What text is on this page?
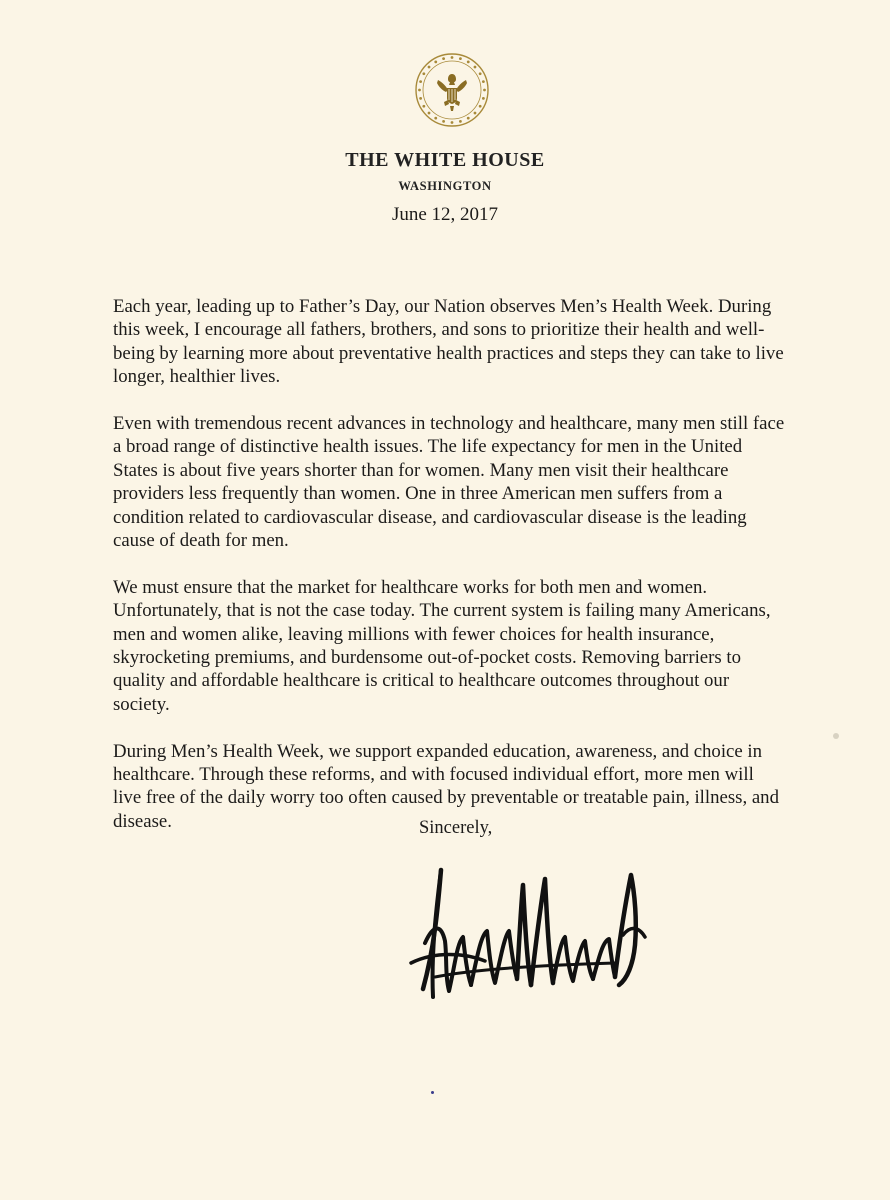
THE WHITE HOUSE
WASHINGTON
June 12, 2017

Each year, leading up to Father’s Day, our Nation observes Men’s Health Week. During this week, I encourage all fathers, brothers, and sons to prioritize their health and well-being by learning more about preventative health practices and steps they can take to live longer, healthier lives.

Even with tremendous recent advances in technology and healthcare, many men still face a broad range of distinctive health issues. The life expectancy for men in the United States is about five years shorter than for women. Many men visit their healthcare providers less frequently than women. One in three American men suffers from a condition related to cardiovascular disease, and cardiovascular disease is the leading cause of death for men.

We must ensure that the market for healthcare works for both men and women. Unfortunately, that is not the case today. The current system is failing many Americans, men and women alike, leaving millions with fewer choices for health insurance, skyrocketing premiums, and burdensome out-of-pocket costs. Removing barriers to quality and affordable healthcare is critical to healthcare outcomes throughout our society.

During Men’s Health Week, we support expanded education, awareness, and choice in healthcare. Through these reforms, and with focused individual effort, more men will live free of the daily worry too often caused by preventable or treatable pain, illness, and disease.	Sincerely,
